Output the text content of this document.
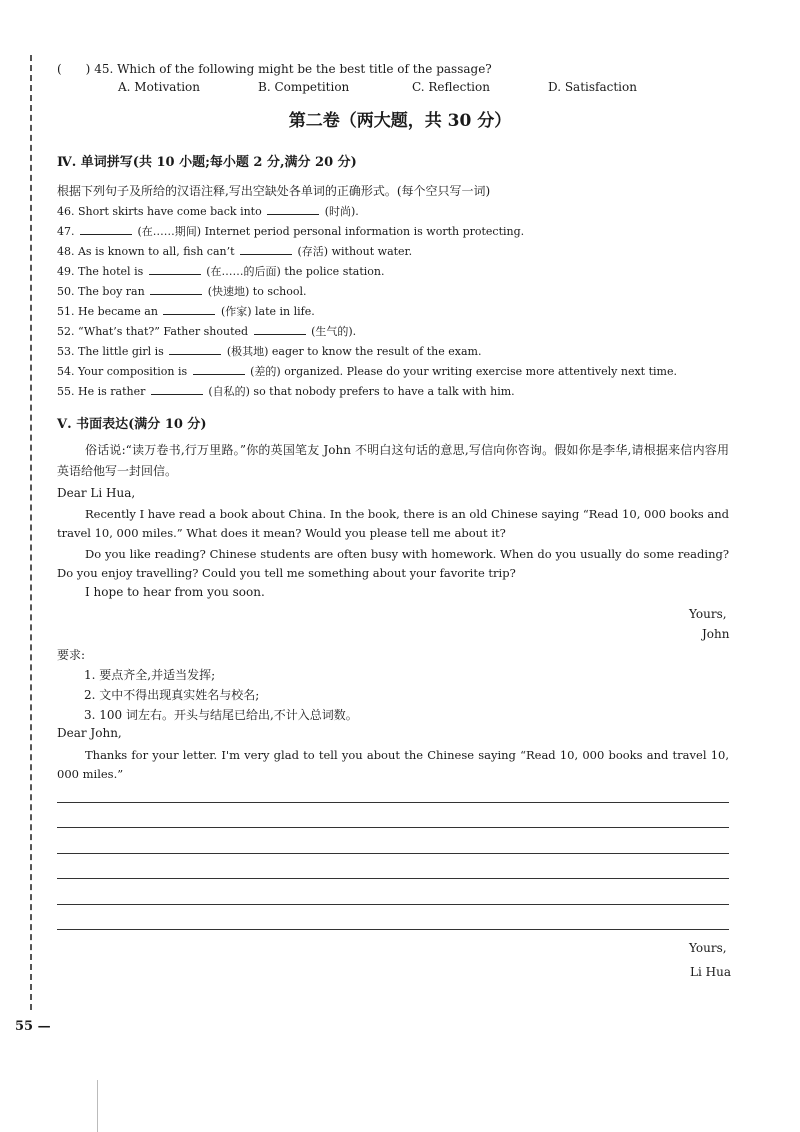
(　　) 45. Which of the following might be the best title of the passage?
A. Motivation	B. Competition	C. Reflection	D. Satisfaction
第二卷（两大题，共 30 分）
Ⅳ. 单词拼写(共 10 小题;每小题 2 分,满分 20 分)
根据下列句子及所给的汉语注释,写出空缺处各单词的正确形式。(每个空只写一词)
46. Short skirts have come back into	(时尚).
47.	(在……期间) Internet period personal information is worth protecting.
48. As is known to all, fish can’t	(存活) without water.
49. The hotel is	(在……的后面) the police station.
50. The boy ran	(快速地) to school.
51. He became an	(作家) late in life.
52. “What’s that?” Father shouted	(生气的).
53. The little girl is	(极其地) eager to know the result of the exam.
54. Your composition is	(差的) organized. Please do your writing exercise more attentively next time.
55. He is rather	(自私的) so that nobody prefers to have a talk with him.
Ⅴ. 书面表达(满分 10 分)
俗话说:“读万卷书,行万里路。”你的英国笔友 John 不明白这句话的意思,写信向你咨询。假如你是李华,请根据来信内容用英语给他写一封回信。
Dear Li Hua,
Recently I have read a book about China. In the book, there is an old Chinese saying “Read 10, 000 books and travel 10, 000 miles.” What does it mean? Would you please tell me about it?
Do you like reading? Chinese students are often busy with homework. When do you usually do some reading? Do you enjoy travelling? Could you tell me something about your favorite trip?
I hope to hear from you soon.
Yours,
John
要求:
1. 要点齐全,并适当发挥;
2. 文中不得出现真实姓名与校名;
3. 100 词左右。开头与结尾已给出,不计入总词数。
Dear John,
Thanks for your letter. I'm very glad to tell you about the Chinese saying “Read 10, 000 books and travel 10, 000 miles.”
Yours,
Li Hua
55 —
